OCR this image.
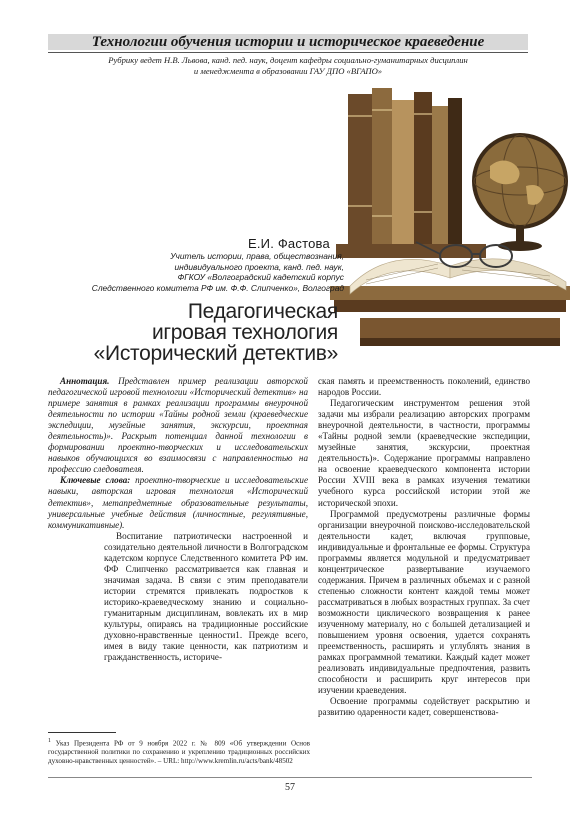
Технологии обучения истории и историческое краеведение
Рубрику ведет Н.В. Львова, канд. пед. наук, доцент кафедры социально-гуманитарных дисциплин
и менеджмента в образовании ГАУ ДПО «ВГАПО»
Е.И. Фастова
Учитель истории, права, обществознания,
индивидуального проекта, канд. пед. наук,
ФГКОУ «Волгоградский кадетский корпус
Следственного комитета РФ им. Ф.Ф. Слипченко», Волгоград
Педагогическая
игровая технология
«Исторический детектив»

Аннотация. Представлен пример реализации авторской педагогической игровой технологии «Исторический детектив» на примере занятия в рамках реализации программы внеурочной деятельности по истории «Тайны родной земли (краеведческие экспедиции, музейные занятия, экскурсии, проектная деятельность)». Раскрыт потенциал данной технологии в формировании проектно-творческих и исследовательских навыков обучающихся во взаимосвязи с направленностью на профессию следователя.

Ключевые слова: проектно-творческие и исследовательские навыки, авторская игровая технология «Исторический детектив», метапредметные образовательные результаты, универсальные учебные действия (личностные, регулятивные, коммуникативные).

Воспитание патриотически настроенной и созидательно деятельной личности в Волгоградском кадетском корпусе Следственного комитета РФ им. ФФ Слипченко рассматривается как главная и значимая задача. В связи с этим преподаватели истории стремятся привлекать подростков к историко-краеведческому знанию и социально-гуманитарным дисциплинам, вовлекать их в мир культуры, опираясь на традиционные российские духовно-нравственные ценности1. Прежде всего, имея в виду такие ценности, как патриотизм и гражданственность, историче-

ская память и преемственность поколений, единство народов России.

Педагогическим инструментом решения этой задачи мы избрали реализацию авторских программ внеурочной деятельности, в частности, программы «Тайны родной земли (краеведческие экспедиции, музейные занятия, экскурсии, проектная деятельность)». Содержание программы направлено на освоение краеведческого компонента истории России XVIII века в рамках изучения тематики учебного курса российской истории этой же исторической эпохи.

Программой предусмотрены различные формы организации внеурочной поисково-исследовательской деятельности кадет, включая групповые, индивидуальные и фронтальные ее формы. Структура программы является модульной и предусматривает концентрическое развертывание изучаемого содержания. Причем в различных объемах и с разной степенью сложности контент каждой темы может рассматриваться в любых возрастных группах. За счет возможности циклического возвращения к ранее изученному материалу, но с большей детализацией и повышением уровня освоения, удается сохранять преемственность, расширять и углублять знания в рамках программной тематики. Каждый кадет может реализовать индивидуальные предпочтения, развить способности и расширить круг интересов при изучении краеведения.

Освоение программы содействует раскрытию и развитию одаренности кадет, совершенствова-

$^1$ Указ Президента РФ от 9 ноября 2022 г. № 809 «Об утверждении Основ государственной политики по сохранению и укреплению традиционных российских духовно-нравственных ценностей». – URL: http://www.kremlin.ru/acts/bank/48502
57
